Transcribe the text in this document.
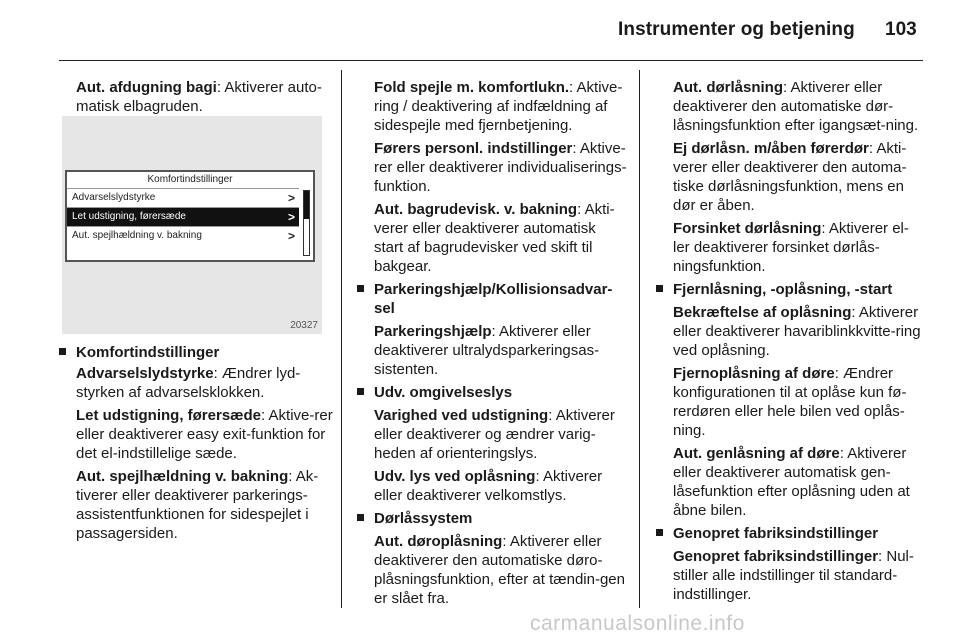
Instrumenter og betjening 103

Aut. afdugning bagi: Aktiverer auto-matisk elbagruden.

Komfortindstillinger
Advarselslydstyrke	>
Let udstigning, førersæde	>
Aut. spejlhældning v. bakning	>
20327

Komfortindstillinger

Advarselslydstyrke: Ændrer lyd-styrken af advarselsklokken.

Let udstigning, førersæde: Aktive-rer eller deaktiverer easy exit-funktion for det el-indstillelige sæde.

Aut. spejlhældning v. bakning: Ak-tiverer eller deaktiverer parkerings-assistentfunktionen for sidespejlet i passagersiden.

Fold spejle m. komfortlukn.: Aktive-ring / deaktivering af indfældning af sidespejle med fjernbetjening.

Førers personl. indstillinger: Aktive-rer eller deaktiverer individualiserings-funktion.

Aut. bagrudevisk. v. bakning: Akti-verer eller deaktiverer automatisk start af bagrudevisker ved skift til bakgear.

Parkeringshjælp/Kollisionsadvar-sel

Parkeringshjælp: Aktiverer eller deaktiverer ultralydsparkeringsas-sistenten.

Udv. omgivelseslys

Varighed ved udstigning: Aktiverer eller deaktiverer og ændrer varig-heden af orienteringslys.

Udv. lys ved oplåsning: Aktiverer eller deaktiverer velkomstlys.

Dørlåssystem

Aut. døroplåsning: Aktiverer eller deaktiverer den automatiske døro-plåsningsfunktion, efter at tændin-gen er slået fra.

Aut. dørlåsning: Aktiverer eller deaktiverer den automatiske dør-låsningsfunktion efter igangsæt-ning.

Ej dørlåsn. m/åben førerdør: Akti-verer eller deaktiverer den automa-tiske dørlåsningsfunktion, mens en dør er åben.

Forsinket dørlåsning: Aktiverer el-ler deaktiverer forsinket dørlås-ningsfunktion.

Fjernlåsning, -oplåsning, -start

Bekræftelse af oplåsning: Aktiverer eller deaktiverer havariblinkkvitte-ring ved oplåsning.

Fjernoplåsning af døre: Ændrer konfigurationen til at oplåse kun fø-rerdøren eller hele bilen ved oplås-ning.

Aut. genlåsning af døre: Aktiverer eller deaktiverer automatisk gen-låsefunktion efter oplåsning uden at åbne bilen.

Genopret fabriksindstillinger

Genopret fabriksindstillinger: Nul-stiller alle indstillinger til standard-indstillinger.

carmanualsonline.info
